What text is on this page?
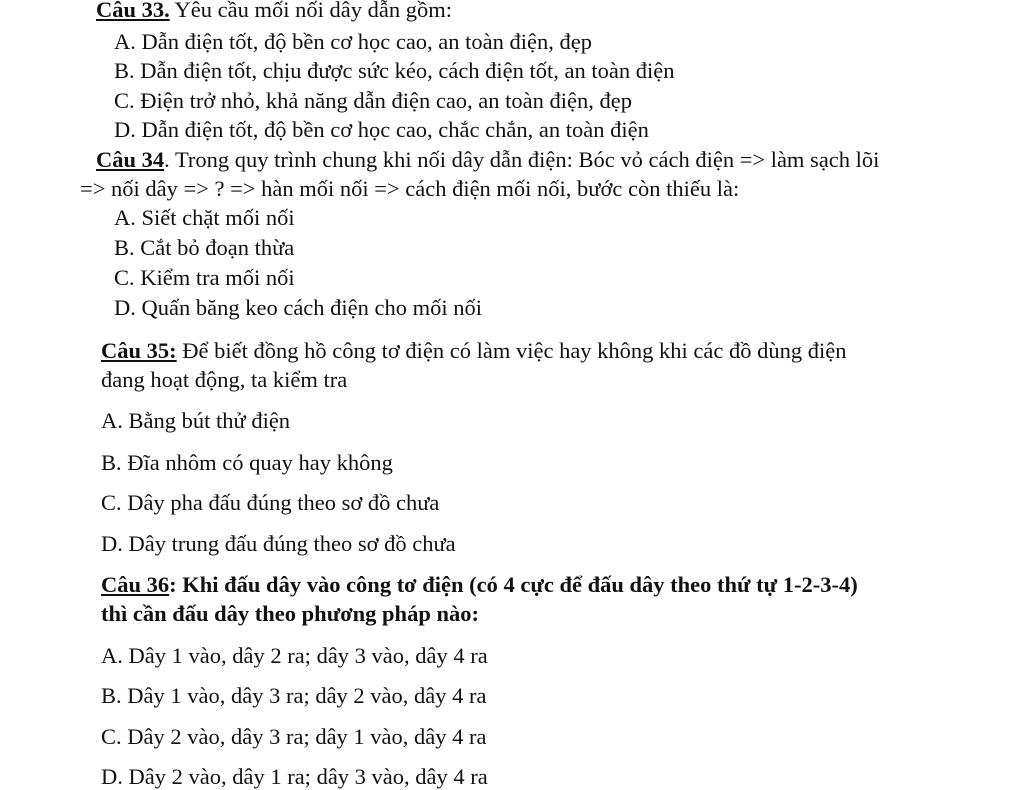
Câu 33. Yêu cầu mối nối dây dẫn gồm:
A. Dẫn điện tốt, độ bền cơ học cao, an toàn điện, đẹp
B. Dẫn điện tốt, chịu được sức kéo, cách điện tốt, an toàn điện
C. Điện trở nhỏ, khả năng dẫn điện cao, an toàn điện, đẹp
D. Dẫn điện tốt, độ bền cơ học cao, chắc chắn, an toàn điện
Câu 34. Trong quy trình chung khi nối dây dẫn điện: Bóc vỏ cách điện => làm sạch lõi
=> nối dây => ? => hàn mối nối => cách điện mối nối, bước còn thiếu là:
A. Siết chặt mối nối
B. Cắt bỏ đoạn thừa
C. Kiểm tra mối nối
D. Quấn băng keo cách điện cho mối nối
Câu 35: Để biết đồng hồ công tơ điện có làm việc hay không khi các đồ dùng điện
đang hoạt động, ta kiểm tra
A. Bằng bút thử điện
B. Đĩa nhôm có quay hay không
C. Dây pha đấu đúng theo sơ đồ chưa
D. Dây trung đấu đúng theo sơ đồ chưa
Câu 36: Khi đấu dây vào công tơ điện (có 4 cực để đấu dây theo thứ tự 1-2-3-4)
thì cần đấu dây theo phương pháp nào:
A. Dây 1 vào, dây 2 ra; dây 3 vào, dây 4 ra
B. Dây 1 vào, dây 3 ra; dây 2 vào, dây 4 ra
C. Dây 2 vào, dây 3 ra; dây 1 vào, dây 4 ra
D. Dây 2 vào, dây 1 ra; dây 3 vào, dây 4 ra
